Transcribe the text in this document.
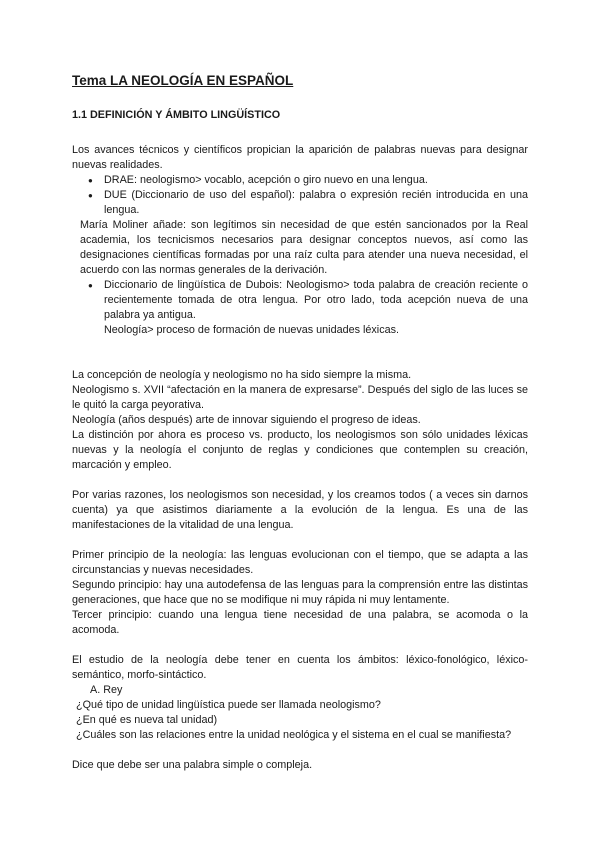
Tema LA NEOLOGÍA EN ESPAÑOL
1.1 DEFINICIÓN Y ÁMBITO LINGÜÍSTICO

Los avances técnicos y científicos propician la aparición de palabras nuevas para designar nuevas realidades.

● DRAE: neologismo> vocablo, acepción o giro nuevo en una lengua.
● DUE (Diccionario de uso del español): palabra o expresión recién introducida en una lengua.

María Moliner añade: son legítimos sin necesidad de que estén sancionados por la Real academia, los tecnicismos necesarios para designar conceptos nuevos, así como las designaciones científicas formadas por una raíz culta para atender una nueva necesidad, el acuerdo con las normas generales de la derivación.

● Diccionario de lingüística de Dubois: Neologismo> toda palabra de creación reciente o recientemente tomada de otra lengua. Por otro lado, toda acepción nueva de una palabra ya antigua.

Neología> proceso de formación de nuevas unidades léxicas.

La concepción de neología y neologismo no ha sido siempre la misma.

Neologismo s. XVII “afectación en la manera de expresarse”. Después del siglo de las luces se le quitó la carga peyorativa.

Neología (años después) arte de innovar siguiendo el progreso de ideas.

La distinción por ahora es proceso vs. producto, los neologismos son sólo unidades léxicas nuevas y la neología el conjunto de reglas y condiciones que contemplen su creación, marcación y empleo.

Por varias razones, los neologismos son necesidad, y los creamos todos ( a veces sin darnos cuenta) ya que asistimos diariamente a la evolución de la lengua. Es una de las manifestaciones de la vitalidad de una lengua.

Primer principio de la neología: las lenguas evolucionan con el tiempo, que se adapta a las circunstancias y nuevas necesidades.

Segundo principio: hay una autodefensa de las lenguas para la comprensión entre las distintas generaciones, que hace que no se modifique ni muy rápida ni muy lentamente.

Tercer principio: cuando una lengua tiene necesidad de una palabra, se acomoda o la acomoda.

El estudio de la neología debe tener en cuenta los ámbitos: léxico-fonológico, léxico-semántico, morfo-sintáctico.

A. Rey

¿Qué tipo de unidad lingüística puede ser llamada neologismo?

¿En qué es nueva tal unidad)

¿Cuáles son las relaciones entre la unidad neológica y el sistema en el cual se manifiesta?

Dice que debe ser una palabra simple o compleja.
